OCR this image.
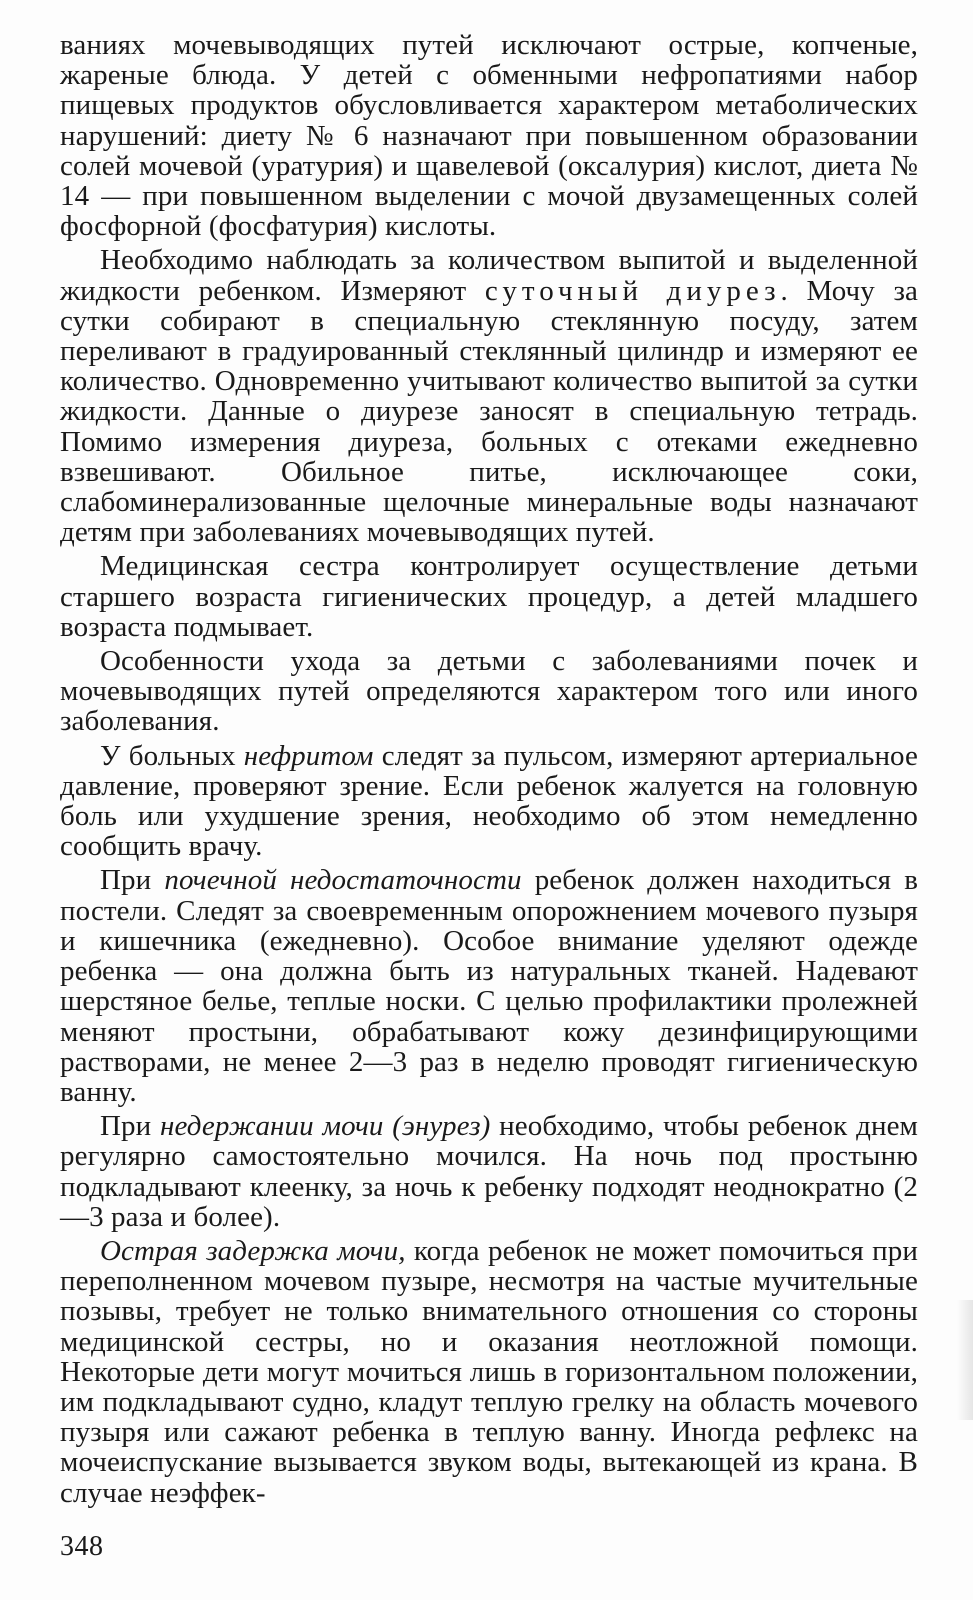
ваниях мочевыводящих путей исключают острые, копченые, жареные блюда. У детей с обменными нефропатиями набор пищевых продуктов обусловливается характером метаболических нарушений: диету № 6 назначают при повышенном образовании солей мочевой (уратурия) и щавелевой (оксалурия) кислот, диета № 14 — при повышенном выделении с мочой двузамещенных солей фосфорной (фосфатурия) кислоты.

Необходимо наблюдать за количеством выпитой и выделенной жидкости ребенком. Измеряют суточный диурез. Мочу за сутки собирают в специальную стеклянную посуду, затем переливают в градуированный стеклянный цилиндр и измеряют ее количество. Одновременно учитывают количество выпитой за сутки жидкости. Данные о диурезе заносят в специальную тетрадь. Помимо измерения диуреза, больных с отеками ежедневно взвешивают. Обильное питье, исключающее соки, слабоминерализованные щелочные минеральные воды назначают детям при заболеваниях мочевыводящих путей.

Медицинская сестра контролирует осуществление детьми старшего возраста гигиенических процедур, а детей младшего возраста подмывает.

Особенности ухода за детьми с заболеваниями почек и мочевыводящих путей определяются характером того или иного заболевания.

У больных нефритом следят за пульсом, измеряют артериальное давление, проверяют зрение. Если ребенок жалуется на головную боль или ухудшение зрения, необходимо об этом немедленно сообщить врачу.

При почечной недостаточности ребенок должен находиться в постели. Следят за своевременным опорожнением мочевого пузыря и кишечника (ежедневно). Особое внимание уделяют одежде ребенка — она должна быть из натуральных тканей. Надевают шерстяное белье, теплые носки. С целью профилактики пролежней меняют простыни, обрабатывают кожу дезинфицирующими растворами, не менее 2—3 раз в неделю проводят гигиеническую ванну.

При недержании мочи (энурез) необходимо, чтобы ребенок днем регулярно самостоятельно мочился. На ночь под простыню подкладывают клеенку, за ночь к ребенку подходят неоднократно (2—3 раза и более).

Острая задержка мочи, когда ребенок не может помочиться при переполненном мочевом пузыре, несмотря на частые мучительные позывы, требует не только внимательного отношения со стороны медицинской сестры, но и оказания неотложной помощи. Некоторые дети могут мочиться лишь в горизонтальном положении, им подкладывают судно, кладут теплую грелку на область мочевого пузыря или сажают ребенка в теплую ванну. Иногда рефлекс на мочеиспускание вызывается звуком воды, вытекающей из крана. В случае неэффек-

348
